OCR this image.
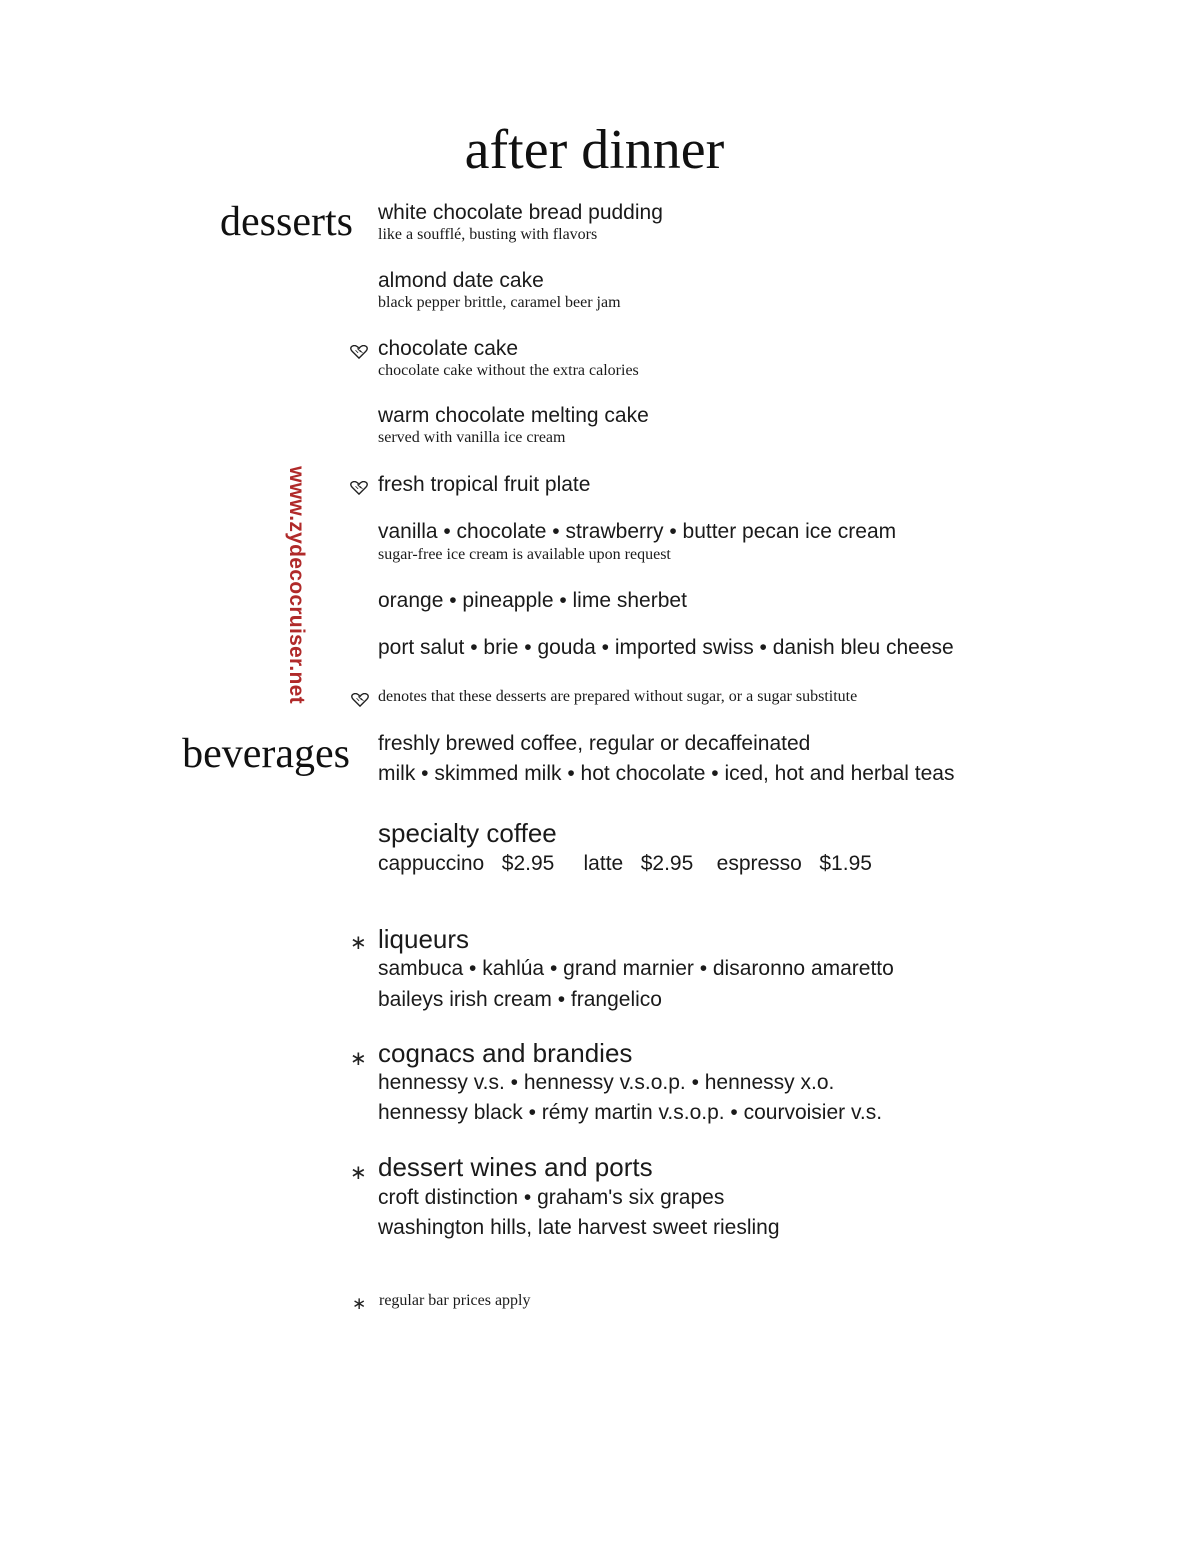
after dinner
www.zydecocruiser.net
desserts white chocolate bread pudding
like a soufflé, busting with flavors
almond date cake
black pepper brittle, caramel beer jam
chocolate cake
chocolate cake without the extra calories
warm chocolate melting cake
served with vanilla ice cream
fresh tropical fruit plate
vanilla • chocolate • strawberry • butter pecan ice cream
sugar-free ice cream is available upon request
orange • pineapple • lime sherbet
port salut • brie • gouda • imported swiss • danish bleu cheese
denotes that these desserts are prepared without sugar, or a sugar substitute
beverages freshly brewed coffee, regular or decaffeinated
milk • skimmed milk • hot chocolate • iced, hot and herbal teas
specialty coffee
cappuccino $2.95 latte $2.95 espresso $1.95
∗ liqueurs
sambuca • kahlúa • grand marnier • disaronno amaretto
baileys irish cream • frangelico
∗ cognacs and brandies
hennessy v.s. • hennessy v.s.o.p. • hennessy x.o.
hennessy black • rémy martin v.s.o.p. • courvoisier v.s.
∗ dessert wines and ports
croft distinction • graham's six grapes
washington hills, late harvest sweet riesling
∗ regular bar prices apply
